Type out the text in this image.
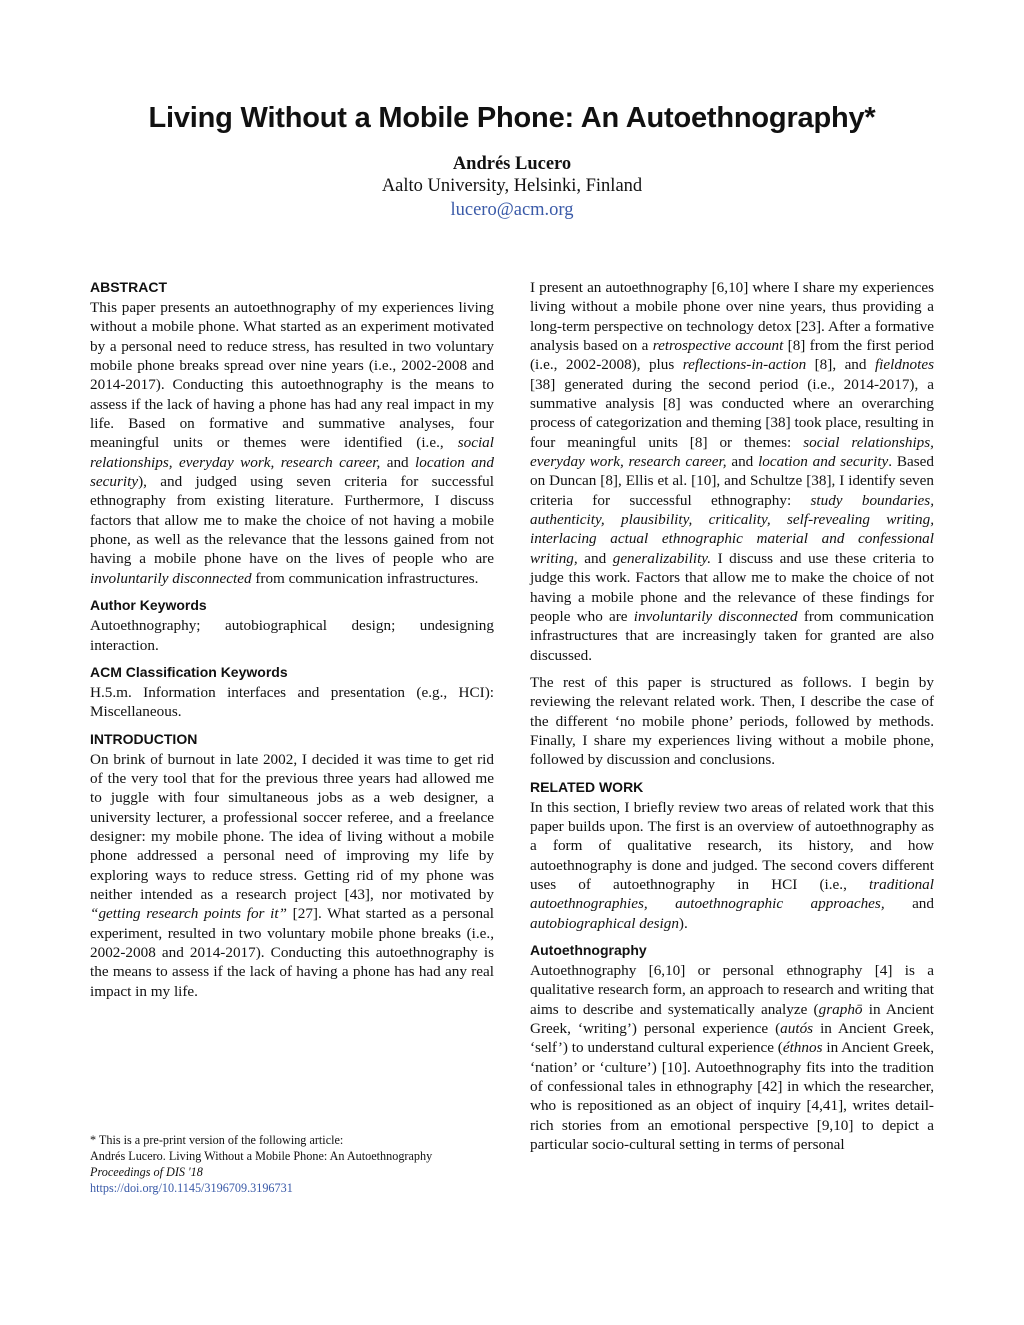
Living Without a Mobile Phone: An Autoethnography*
Andrés Lucero
Aalto University, Helsinki, Finland
lucero@acm.org
ABSTRACT

This paper presents an autoethnography of my experiences living without a mobile phone. What started as an experiment motivated by a personal need to reduce stress, has resulted in two voluntary mobile phone breaks spread over nine years (i.e., 2002-2008 and 2014-2017). Conducting this autoethnography is the means to assess if the lack of having a phone has had any real impact in my life. Based on formative and summative analyses, four meaningful units or themes were identified (i.e., social relationships, everyday work, research career, and location and security), and judged using seven criteria for successful ethnography from existing literature. Furthermore, I discuss factors that allow me to make the choice of not having a mobile phone, as well as the relevance that the lessons gained from not having a mobile phone have on the lives of people who are involuntarily disconnected from communication infrastructures.

Author Keywords

Autoethnography; autobiographical design; undesigning interaction.

ACM Classification Keywords

H.5.m. Information interfaces and presentation (e.g., HCI): Miscellaneous.

INTRODUCTION

On brink of burnout in late 2002, I decided it was time to get rid of the very tool that for the previous three years had allowed me to juggle with four simultaneous jobs as a web designer, a university lecturer, a professional soccer referee, and a freelance designer: my mobile phone. The idea of living without a mobile phone addressed a personal need of improving my life by exploring ways to reduce stress. Getting rid of my phone was neither intended as a research project [43], nor motivated by “getting research points for it” [27]. What started as a personal experiment, resulted in two voluntary mobile phone breaks (i.e., 2002-2008 and 2014-2017). Conducting this autoethnography is the means to assess if the lack of having a phone has had any real impact in my life.

* This is a pre-print version of the following article:
Andrés Lucero. Living Without a Mobile Phone: An Autoethnography
Proceedings of DIS '18
https://doi.org/10.1145/3196709.3196731

I present an autoethnography [6,10] where I share my experiences living without a mobile phone over nine years, thus providing a long-term perspective on technology detox [23]. After a formative analysis based on a retrospective account [8] from the first period (i.e., 2002-2008), plus reflections-in-action [8], and fieldnotes [38] generated during the second period (i.e., 2014-2017), a summative analysis [8] was conducted where an overarching process of categorization and theming [38] took place, resulting in four meaningful units [8] or themes: social relationships, everyday work, research career, and location and security. Based on Duncan [8], Ellis et al. [10], and Schultze [38], I identify seven criteria for successful ethnography: study boundaries, authenticity, plausibility, criticality, self-revealing writing, interlacing actual ethnographic material and confessional writing, and generalizability. I discuss and use these criteria to judge this work. Factors that allow me to make the choice of not having a mobile phone and the relevance of these findings for people who are involuntarily disconnected from communication infrastructures that are increasingly taken for granted are also discussed.

The rest of this paper is structured as follows. I begin by reviewing the relevant related work. Then, I describe the case of the different ‘no mobile phone’ periods, followed by methods. Finally, I share my experiences living without a mobile phone, followed by discussion and conclusions.

RELATED WORK

In this section, I briefly review two areas of related work that this paper builds upon. The first is an overview of autoethnography as a form of qualitative research, its history, and how autoethnography is done and judged. The second covers different uses of autoethnography in HCI (i.e., traditional autoethnographies, autoethnographic approaches, and autobiographical design).

Autoethnography

Autoethnography [6,10] or personal ethnography [4] is a qualitative research form, an approach to research and writing that aims to describe and systematically analyze (graphō in Ancient Greek, ‘writing’) personal experience (autós in Ancient Greek, ‘self’) to understand cultural experience (éthnos in Ancient Greek, ‘nation’ or ‘culture’) [10]. Autoethnography fits into the tradition of confessional tales in ethnography [42] in which the researcher, who is repositioned as an object of inquiry [4,41], writes detail-rich stories from an emotional perspective [9,10] to depict a particular socio-cultural setting in terms of personal
